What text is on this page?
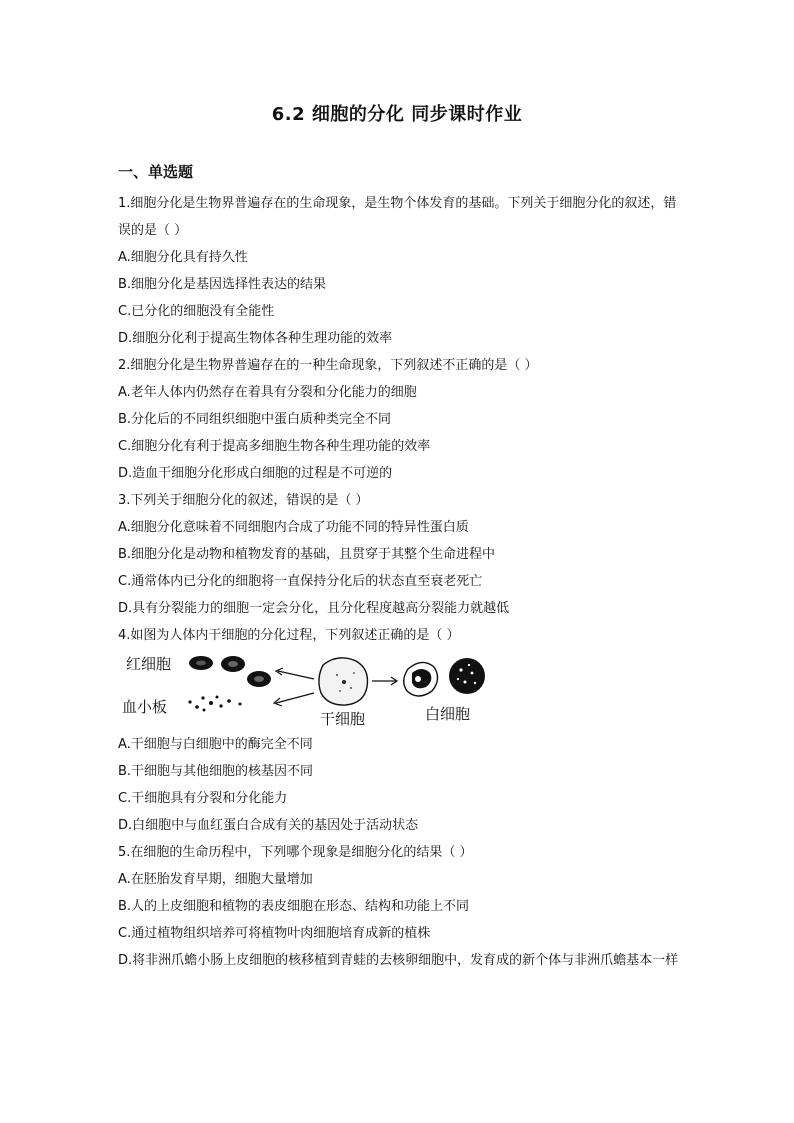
6.2 细胞的分化 同步课时作业
一、单选题
1.细胞分化是生物界普遍存在的生命现象，是生物个体发育的基础。下列关于细胞分化的叙述，错误的是（ ）
A.细胞分化具有持久性
B.细胞分化是基因选择性表达的结果
C.已分化的细胞没有全能性
D.细胞分化利于提高生物体各种生理功能的效率
2.细胞分化是生物界普遍存在的一种生命现象，下列叙述不正确的是（ ）
A.老年人体内仍然存在着具有分裂和分化能力的细胞
B.分化后的不同组织细胞中蛋白质种类完全不同
C.细胞分化有利于提高多细胞生物各种生理功能的效率
D.造血干细胞分化形成白细胞的过程是不可逆的
3.下列关于细胞分化的叙述，错误的是（ ）
A.细胞分化意味着不同细胞内合成了功能不同的特异性蛋白质
B.细胞分化是动物和植物发育的基础，且贯穿于其整个生命进程中
C.通常体内已分化的细胞将一直保持分化后的状态直至衰老死亡
D.具有分裂能力的细胞一定会分化，且分化程度越高分裂能力就越低
4.如图为人体内干细胞的分化过程，下列叙述正确的是（ ）
红细胞
血小板
干细胞	白细胞
A.干细胞与白细胞中的酶完全不同
B.干细胞与其他细胞的核基因不同
C.干细胞具有分裂和分化能力
D.白细胞中与血红蛋白合成有关的基因处于活动状态
5.在细胞的生命历程中，下列哪个现象是细胞分化的结果（ ）
A.在胚胎发育早期，细胞大量增加
B.人的上皮细胞和植物的表皮细胞在形态、结构和功能上不同
C.通过植物组织培养可将植物叶肉细胞培育成新的植株
D.将非洲爪蟾小肠上皮细胞的核移植到青蛙的去核卵细胞中，发育成的新个体与非洲爪蟾基本一样
